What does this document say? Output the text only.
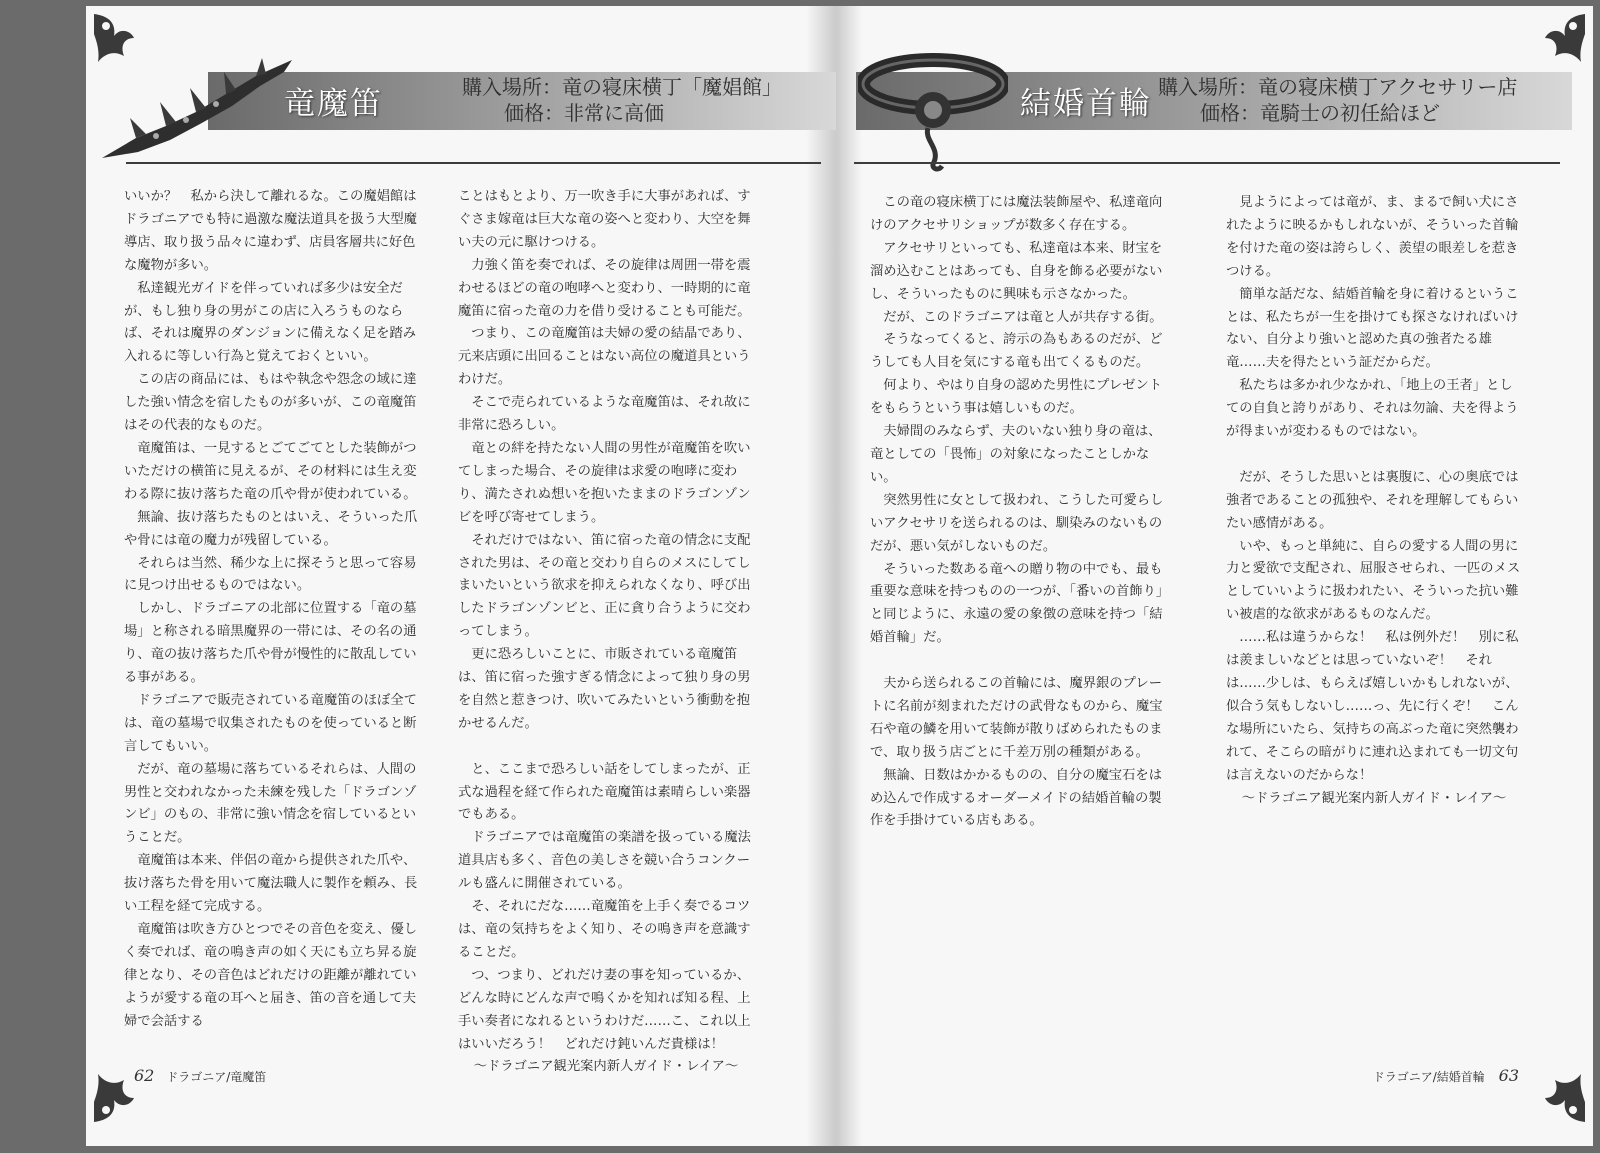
竜魔笛	購入場所：竜の寝床横丁「魔娼館」
価格：非常に高価

いいか？　私から決して離れるな。この魔娼館はドラゴニアでも特に過激な魔法道具を扱う大型魔導店、取り扱う品々に違わず、店員客層共に好色な魔物が多い。

私達観光ガイドを伴っていれば多少は安全だが、もし独り身の男がこの店に入ろうものならば、それは魔界のダンジョンに備えなく足を踏み入れるに等しい行為と覚えておくといい。

この店の商品には、もはや執念や怨念の域に達した強い情念を宿したものが多いが、この竜魔笛はその代表的なものだ。

竜魔笛は、一見するとごてごてとした装飾がついただけの横笛に見えるが、その材料には生え変わる際に抜け落ちた竜の爪や骨が使われている。

無論、抜け落ちたものとはいえ、そういった爪や骨には竜の魔力が残留している。

それらは当然、稀少な上に探そうと思って容易に見つけ出せるものではない。

しかし、ドラゴニアの北部に位置する「竜の墓場」と称される暗黒魔界の一帯には、その名の通り、竜の抜け落ちた爪や骨が慢性的に散乱している事がある。

ドラゴニアで販売されている竜魔笛のほぼ全ては、竜の墓場で収集されたものを使っていると断言してもいい。

だが、竜の墓場に落ちているそれらは、人間の男性と交われなかった未練を残した「ドラゴンゾンビ」のもの、非常に強い情念を宿しているということだ。

竜魔笛は本来、伴侶の竜から提供された爪や、抜け落ちた骨を用いて魔法職人に製作を頼み、長い工程を経て完成する。

竜魔笛は吹き方ひとつでその音色を変え、優しく奏でれば、竜の鳴き声の如く天にも立ち昇る旋律となり、その音色はどれだけの距離が離れていようが愛する竜の耳へと届き、笛の音を通して夫婦で会話する

ことはもとより、万一吹き手に大事があれば、すぐさま嫁竜は巨大な竜の姿へと変わり、大空を舞い夫の元に駆けつける。

力強く笛を奏でれば、その旋律は周囲一帯を震わせるほどの竜の咆哮へと変わり、一時期的に竜魔笛に宿った竜の力を借り受けることも可能だ。

つまり、この竜魔笛は夫婦の愛の結晶であり、元来店頭に出回ることはない高位の魔道具というわけだ。

そこで売られているような竜魔笛は、それ故に非常に恐ろしい。

竜との絆を持たない人間の男性が竜魔笛を吹いてしまった場合、その旋律は求愛の咆哮に変わり、満たされぬ想いを抱いたままのドラゴンゾンビを呼び寄せてしまう。

それだけではない、笛に宿った竜の情念に支配された男は、その竜と交わり自らのメスにしてしまいたいという欲求を抑えられなくなり、呼び出したドラゴンゾンビと、正に貪り合うように交わってしまう。

更に恐ろしいことに、市販されている竜魔笛は、笛に宿った強すぎる情念によって独り身の男を自然と惹きつけ、吹いてみたいという衝動を抱かせるんだ。

と、ここまで恐ろしい話をしてしまったが、正式な過程を経て作られた竜魔笛は素晴らしい楽器でもある。

ドラゴニアでは竜魔笛の楽譜を扱っている魔法道具店も多く、音色の美しさを競い合うコンクールも盛んに開催されている。

そ、それにだな……竜魔笛を上手く奏でるコツは、竜の気持ちをよく知り、その鳴き声を意識することだ。

つ、つまり、どれだけ妻の事を知っているか、どんな時にどんな声で鳴くかを知れば知る程、上手い奏者になれるというわけだ……こ、これ以上はいいだろう！　どれだけ鈍いんだ貴様は！

〜ドラゴニア観光案内新人ガイド・レイア〜

62 ドラゴニア/竜魔笛
結婚首輪 購入場所：竜の寝床横丁アクセサリー店
価格：竜騎士の初任給ほど

この竜の寝床横丁には魔法装飾屋や、私達竜向けのアクセサリショップが数多く存在する。

アクセサリといっても、私達竜は本来、財宝を溜め込むことはあっても、自身を飾る必要がないし、そういったものに興味も示さなかった。

だが、このドラゴニアは竜と人が共存する街。

そうなってくると、誇示の為もあるのだが、どうしても人目を気にする竜も出てくるものだ。

何より、やはり自身の認めた男性にプレゼントをもらうという事は嬉しいものだ。

夫婦間のみならず、夫のいない独り身の竜は、竜としての「畏怖」の対象になったことしかない。

突然男性に女として扱われ、こうした可愛らしいアクセサリを送られるのは、馴染みのないものだが、悪い気がしないものだ。

そういった数ある竜への贈り物の中でも、最も重要な意味を持つものの一つが、「番いの首飾り」と同じように、永遠の愛の象徴の意味を持つ「結婚首輪」だ。

夫から送られるこの首輪には、魔界銀のプレートに名前が刻まれただけの武骨なものから、魔宝石や竜の鱗を用いて装飾が散りばめられたものまで、取り扱う店ごとに千差万別の種類がある。

無論、日数はかかるものの、自分の魔宝石をはめ込んで作成するオーダーメイドの結婚首輪の製作を手掛けている店もある。

見ようによっては竜が、ま、まるで飼い犬にされたように映るかもしれないが、そういった首輪を付けた竜の姿は誇らしく、羨望の眼差しを惹きつける。

簡単な話だな、結婚首輪を身に着けるということは、私たちが一生を掛けても探さなければいけない、自分より強いと認めた真の強者たる雄竜……夫を得たという証だからだ。

私たちは多かれ少なかれ、「地上の王者」としての自負と誇りがあり、それは勿論、夫を得ようが得まいが変わるものではない。

だが、そうした思いとは裏腹に、心の奥底では強者であることの孤独や、それを理解してもらいたい感情がある。

いや、もっと単純に、自らの愛する人間の男に力と愛欲で支配され、屈服させられ、一匹のメスとしていいように扱われたい、そういった抗い難い被虐的な欲求があるものなんだ。

……私は違うからな！　私は例外だ！　別に私は羨ましいなどとは思っていないぞ！　それは……少しは、もらえば嬉しいかもしれないが、似合う気もしないし……っ、先に行くぞ！　こんな場所にいたら、気持ちの高ぶった竜に突然襲われて、そこらの暗がりに連れ込まれても一切文句は言えないのだからな！

〜ドラゴニア観光案内新人ガイド・レイア〜

ドラゴニア/結婚首輪 63
